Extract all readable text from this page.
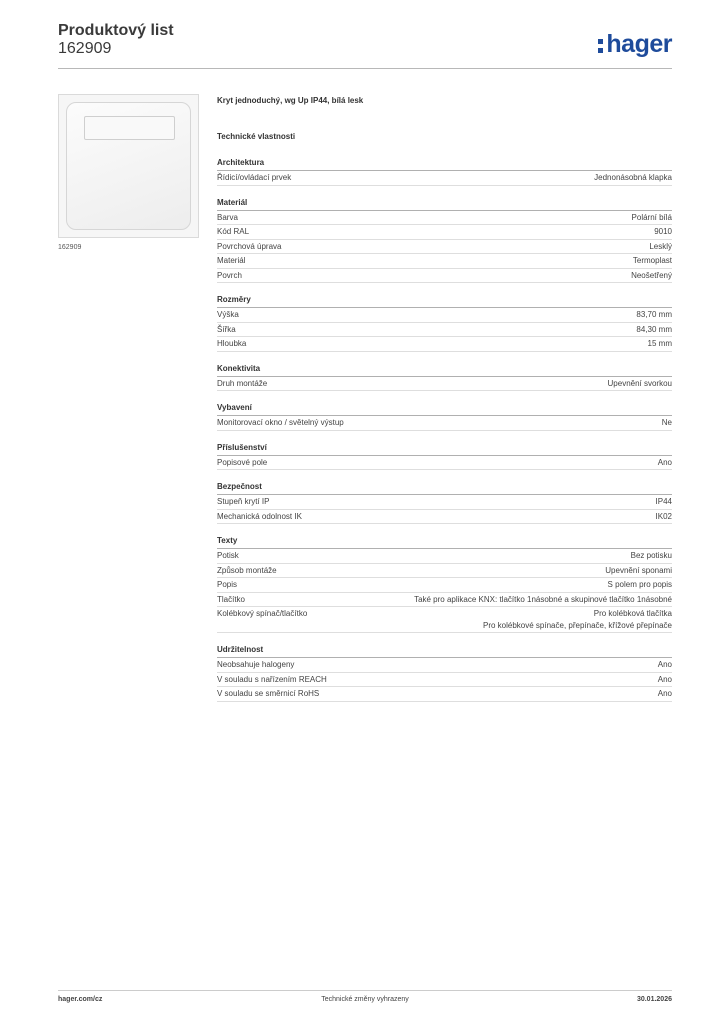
Produktový list
162909	hager
162909
Kryt jednoduchý, wg Up IP44, bílá lesk
Technické vlastnosti
Architektura
Řídicí/ovládací prvek	Jednonásobná klapka
Materiál
Barva	Polární bílá
Kód RAL	9010
Povrchová úprava	Lesklý
Materiál	Termoplast
Povrch	Neošetřený
Rozměry
Výška	83,70 mm
Šířka	84,30 mm
Hloubka	15 mm
Konektivita
Druh montáže	Upevnění svorkou
Vybavení
Monitorovací okno / světelný výstup	Ne
Příslušenství
Popisové pole	Ano
Bezpečnost
Stupeň krytí IP	IP44
Mechanická odolnost IK	IK02
Texty
Potisk	Bez potisku
Způsob montáže	Upevnění sponami
Popis	S polem pro popis
Tlačítko	Také pro aplikace KNX: tlačítko 1násobné a skupinové tlačítko 1násobné
Kolébkový spínač/tlačítko	Pro kolébková tlačítka
Pro kolébkové spínače, přepínače, křížové přepínače
Udržitelnost
Neobsahuje halogeny	Ano
V souladu s nařízením REACH	Ano
V souladu se směrnicí RoHS	Ano
hager.com/cz	Technické změny vyhrazeny	30.01.2026
